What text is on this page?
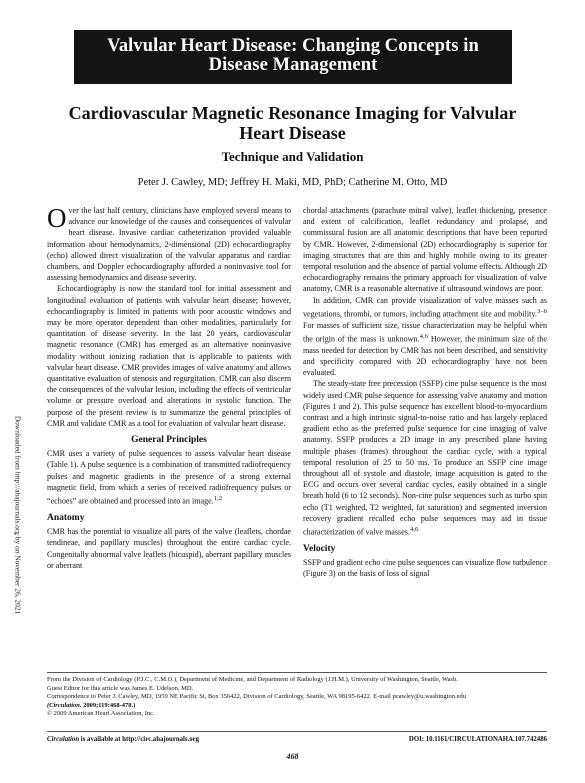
Valvular Heart Disease: Changing Concepts in
Disease Management
Cardiovascular Magnetic Resonance Imaging for Valvular
Heart Disease
Technique and Validation
Peter J. Cawley, MD; Jeffrey H. Maki, MD, PhD; Catherine M. Otto, MD
Downloaded from http://ahajournals.org by on November 26, 2021

Over the last half century, clinicians have employed several means to advance our knowledge of the causes and consequences of valvular heart disease. Invasive cardiac catheterization provided valuable information about hemodynamics, 2-dimensional (2D) echocardiography (echo) allowed direct visualization of the valvular apparatus and cardiac chambers, and Doppler echocardiography afforded a noninvasive tool for assessing hemodynamics and disease severity.

Echocardiography is now the standard tool for initial assessment and longitudinal evaluation of patients with valvular heart disease; however, echocardiography is limited in patients with poor acoustic windows and may be more operator dependent than other modalities, particularly for quantitation of disease severity. In the last 20 years, cardiovascular magnetic resonance (CMR) has emerged as an alternative noninvasive modality without ionizing radiation that is applicable to patients with valvular heart disease. CMR provides images of valve anatomy and allows quantitative evaluation of stenosis and regurgitation. CMR can also discern the consequences of the valvular lesion, including the effects of ventricular volume or pressure overload and alterations in systolic function. The purpose of the present review is to summarize the general principles of CMR and validate CMR as a tool for evaluation of valvular heart disease.

General Principles

CMR uses a variety of pulse sequences to assess valvular heart disease (Table 1). A pulse sequence is a combination of transmitted radiofrequency pulses and magnetic gradients in the presence of a strong external magnetic field, from which a series of received radiofrequency pulses or “echoes” are obtained and processed into an image.$^{1,2}$

Anatomy

CMR has the potential to visualize all parts of the valve (leaflets, chordae tendineae, and papillary muscles) throughout the entire cardiac cycle. Congenitally abnormal valve leaflets (bicuspid), aberrant papillary muscles or aberrant

chordal attachments (parachute mitral valve), leaflet thickening, presence and extent of calcification, leaflet redundancy and prolapse, and commissural fusion are all anatomic descriptions that have been reported by CMR. However, 2-dimensional (2D) echocardiography is superior for imaging structures that are thin and highly mobile owing to its greater temporal resolution and the absence of partial volume effects. Although 2D echocardiography remains the primary approach for visualization of valve anatomy, CMR is a reasonable alternative if ultrasound windows are poor.

In addition, CMR can provide visualization of valve masses such as vegetations, thrombi, or tumors, including attachment site and mobility.$^{3-6}$ For masses of sufficient size, tissue characterization may be helpful when the origin of the mass is unknown.$^{4,6}$ However, the minimum size of the mass needed for detection by CMR has not been described, and sensitivity and specificity compared with 2D echocardiography have not been evaluated.

The steady-state free precession (SSFP) cine pulse sequence is the most widely used CMR pulse sequence for assessing valve anatomy and motion (Figures 1 and 2). This pulse sequence has excellent blood-to-myocardium contrast and a high intrinsic signal-to-noise ratio and has largely replaced gradient echo as the preferred pulse sequence for cine imaging of valve anatomy. SSFP produces a 2D image in any prescribed plane having multiple phases (frames) throughout the cardiac cycle, with a typical temporal resolution of 25 to 50 ms. To produce an SSFP cine image throughout all of systole and diastole, image acquisition is gated to the ECG and occurs over several cardiac cycles, easily obtained in a single breath hold (6 to 12 seconds). Non-cine pulse sequences such as turbo spin echo (T1 weighted, T2 weighted, fat saturation) and segmented inversion recovery gradient recalled echo pulse sequences may aid in tissue characterization of valve masses.$^{4,6}$

Velocity

SSFP and gradient echo cine pulse sequences can visualize flow turbulence (Figure 3) on the basis of loss of signal

From the Division of Cardiology (P.J.C., C.M.O.), Department of Medicine, and Department of Radiology (J.H.M.), University of Washington, Seattle, Wash.
Guest Editor for this article was James E. Udelson, MD.
Correspondence to Peter J. Cawley, MD, 1959 NE Pacific St, Box 356422, Division of Cardiology, Seattle, WA 98195-6422. E-mail pcawley@u.washington.edu
(Circulation. 2009;119:468-478.)
© 2009 American Heart Association, Inc.
Circulation is available at http://circ.ahajournals.org	DOI: 10.1161/CIRCULATIONAHA.107.742486
468
